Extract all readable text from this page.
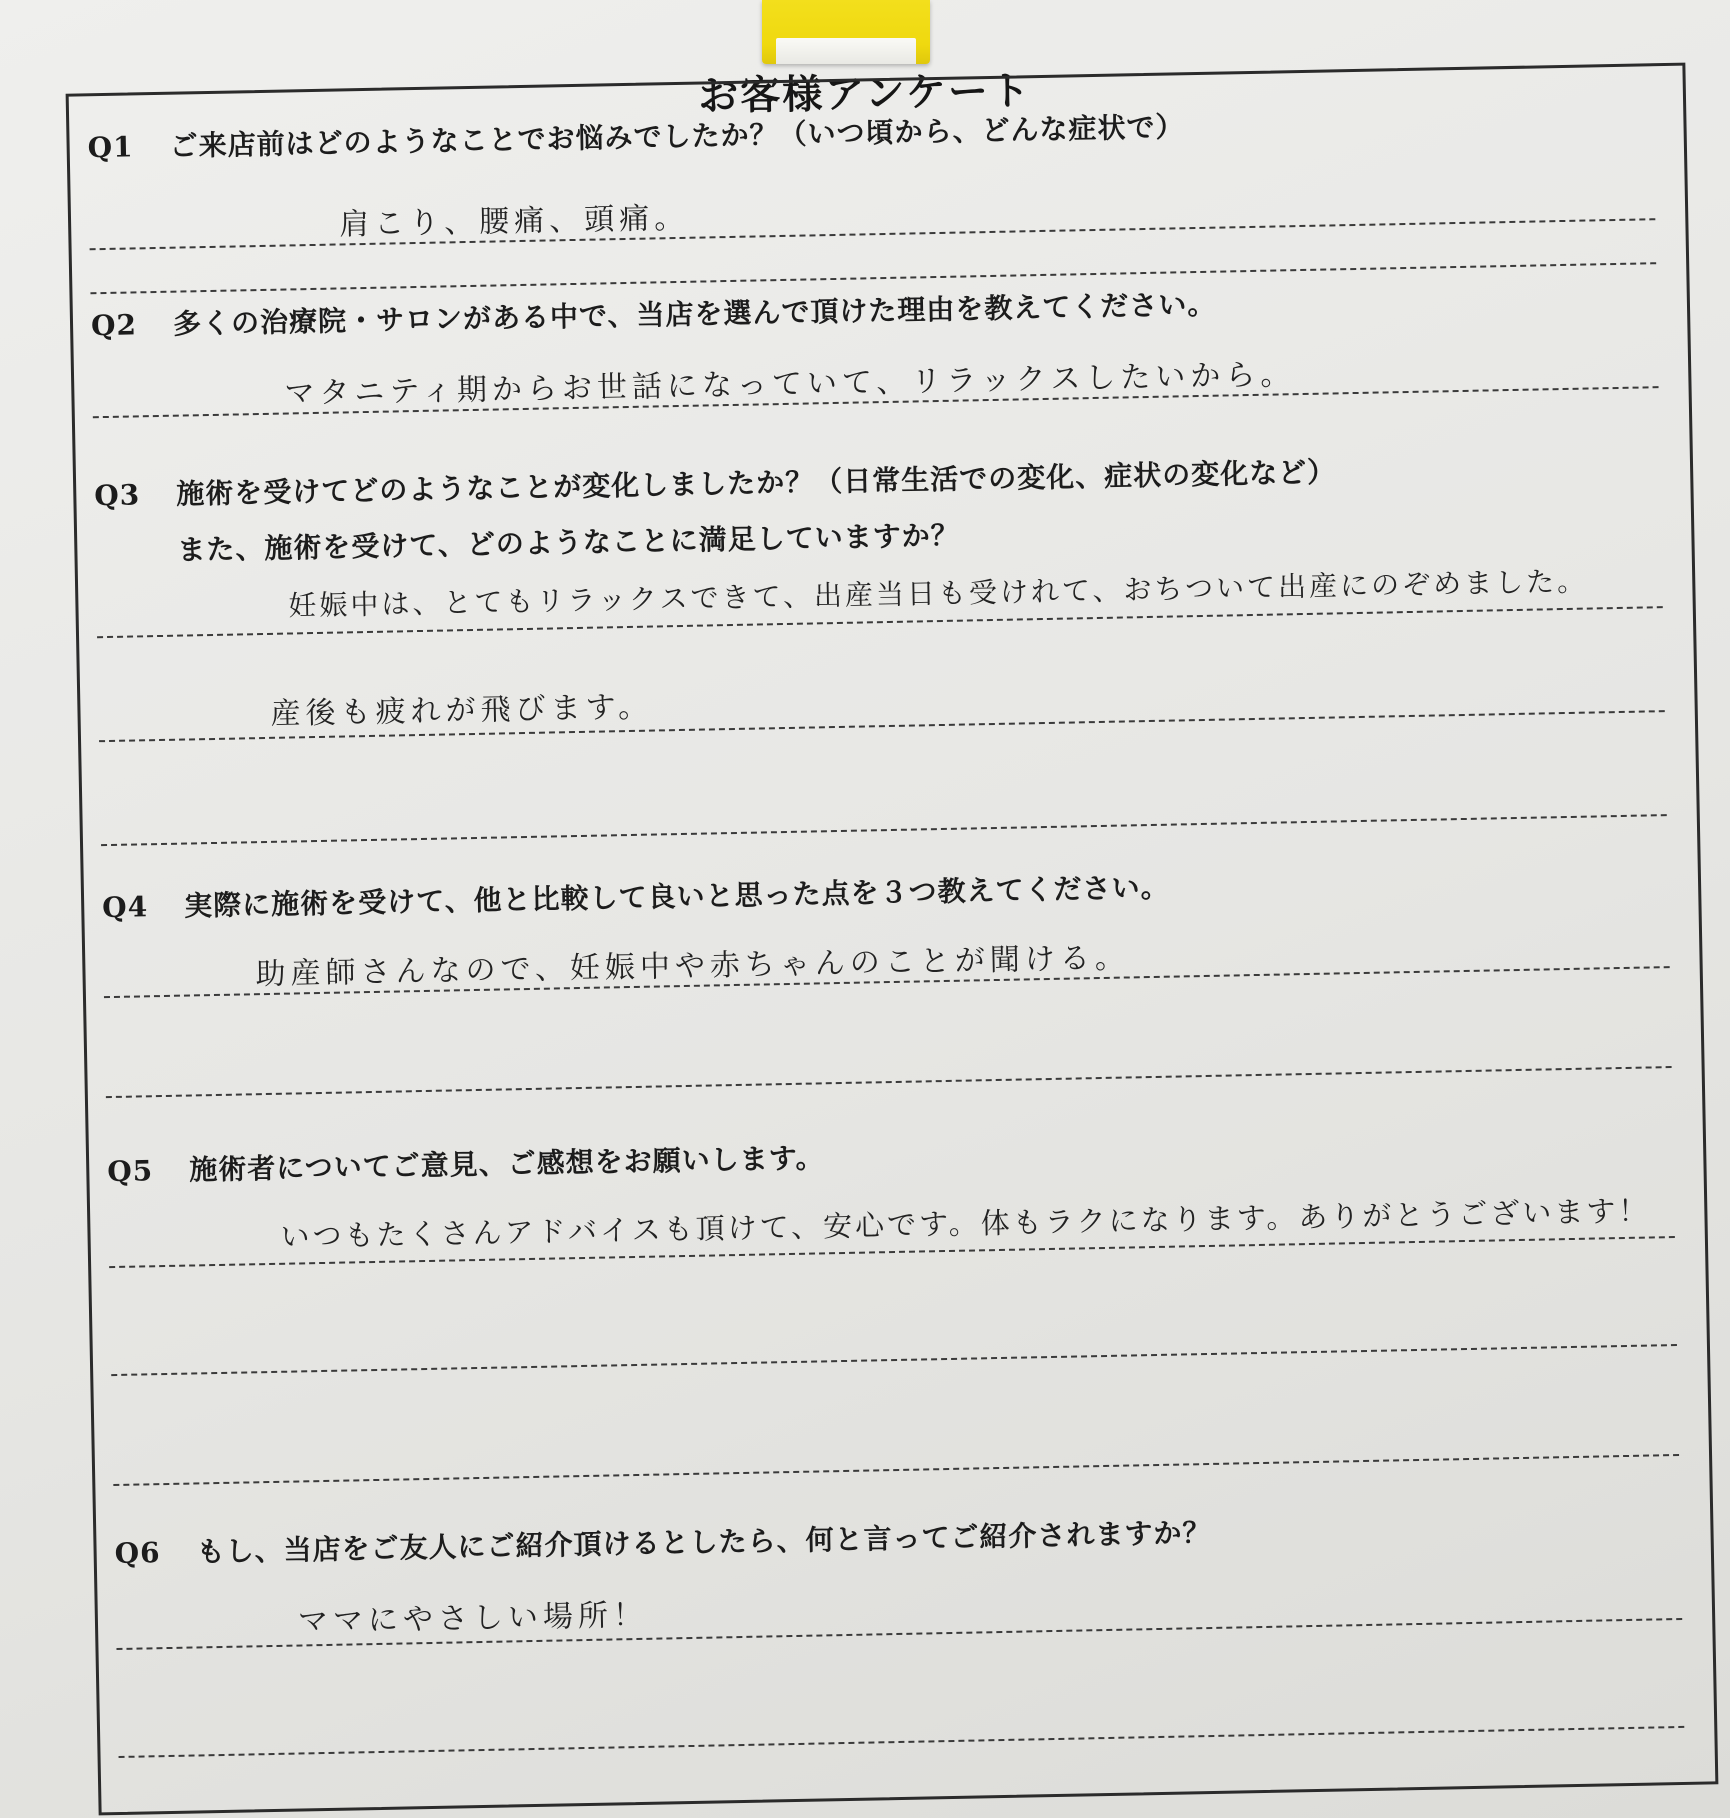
お客様アンケート
Q1 ご来店前はどのようなことでお悩みでしたか？（いつ頃から、どんな症状で）
肩こり、腰痛、頭痛。
Q2 多くの治療院・サロンがある中で、当店を選んで頂けた理由を教えてください。
マタニティ期からお世話になっていて、リラックスしたいから。
Q3 施術を受けてどのようなことが変化しましたか？（日常生活での変化、症状の変化など）
また、施術を受けて、どのようなことに満足していますか？
妊娠中は、とてもリラックスできて、出産当日も受けれて、おちついて出産にのぞめました。
産後も疲れが飛びます。
Q4 実際に施術を受けて、他と比較して良いと思った点を３つ教えてください。
助産師さんなので、妊娠中や赤ちゃんのことが聞ける。
Q5 施術者についてご意見、ご感想をお願いします。
いつもたくさんアドバイスも頂けて、安心です。体もラクになります。ありがとうございます！
Q6 もし、当店をご友人にご紹介頂けるとしたら、何と言ってご紹介されますか？
ママにやさしい場所！
